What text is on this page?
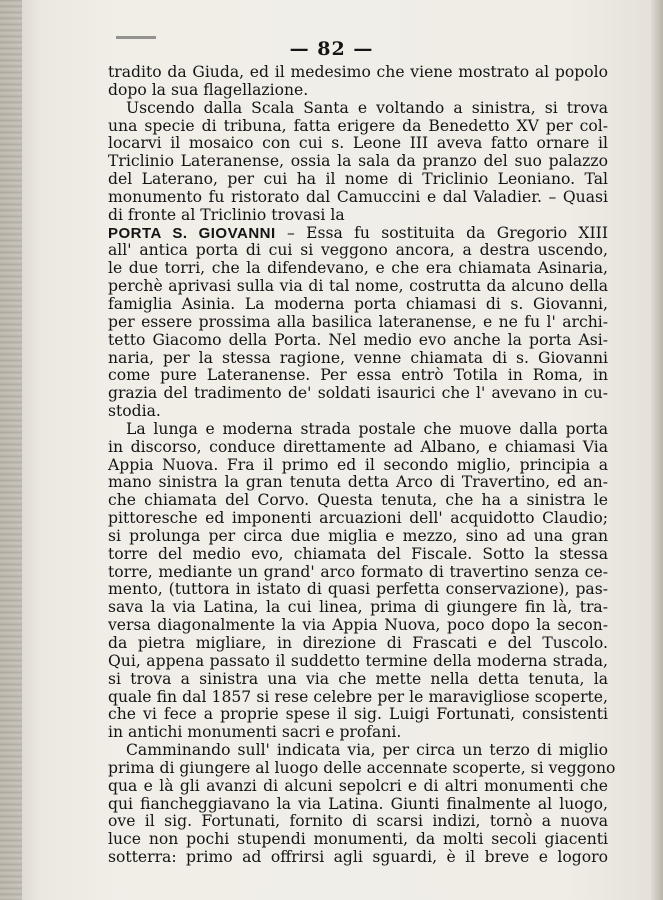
— 82 —
tradito da Giuda, ed il medesimo che viene mostrato al popolo
dopo la sua flagellazione.
Uscendo dalla Scala Santa e voltando a sinistra, si trova
una specie di tribuna, fatta erigere da Benedetto XV per col-
locarvi il mosaico con cui s. Leone III aveva fatto ornare il
Triclinio Lateranense, ossia la sala da pranzo del suo palazzo
del Laterano, per cui ha il nome di Triclinio Leoniano. Tal
monumento fu ristorato dal Camuccini e dal Valadier. – Quasi
di fronte al Triclinio trovasi la
PORTA S. GIOVANNI – Essa fu sostituita da Gregorio XIII
all' antica porta di cui si veggono ancora, a destra uscendo,
le due torri, che la difendevano, e che era chiamata Asinaria,
perchè aprivasi sulla via di tal nome, costrutta da alcuno della
famiglia Asinia. La moderna porta chiamasi di s. Giovanni,
per essere prossima alla basilica lateranense, e ne fu l' archi-
tetto Giacomo della Porta. Nel medio evo anche la porta Asi-
naria, per la stessa ragione, venne chiamata di s. Giovanni
come pure Lateranense. Per essa entrò Totila in Roma, in
grazia del tradimento de' soldati isaurici che l' avevano in cu-
stodia.
La lunga e moderna strada postale che muove dalla porta
in discorso, conduce direttamente ad Albano, e chiamasi Via
Appia Nuova. Fra il primo ed il secondo miglio, principia a
mano sinistra la gran tenuta detta Arco di Travertino, ed an-
che chiamata del Corvo. Questa tenuta, che ha a sinistra le
pittoresche ed imponenti arcuazioni dell' acquidotto Claudio;
si prolunga per circa due miglia e mezzo, sino ad una gran
torre del medio evo, chiamata del Fiscale. Sotto la stessa
torre, mediante un grand' arco formato di travertino senza ce-
mento, (tuttora in istato di quasi perfetta conservazione), pas-
sava la via Latina, la cui linea, prima di giungere fin là, tra-
versa diagonalmente la via Appia Nuova, poco dopo la secon-
da pietra migliare, in direzione di Frascati e del Tuscolo.
Qui, appena passato il suddetto termine della moderna strada,
si trova a sinistra una via che mette nella detta tenuta, la
quale fin dal 1857 si rese celebre per le maravigliose scoperte,
che vi fece a proprie spese il sig. Luigi Fortunati, consistenti
in antichi monumenti sacri e profani.
Camminando sull' indicata via, per circa un terzo di miglio
prima di giungere al luogo delle accennate scoperte, si veggono
qua e là gli avanzi di alcuni sepolcri e di altri monumenti che
qui fiancheggiavano la via Latina. Giunti finalmente al luogo,
ove il sig. Fortunati, fornito di scarsi indizi, tornò a nuova
luce non pochi stupendi monumenti, da molti secoli giacenti
sotterra: primo ad offrirsi agli sguardi, è il breve e logoro
